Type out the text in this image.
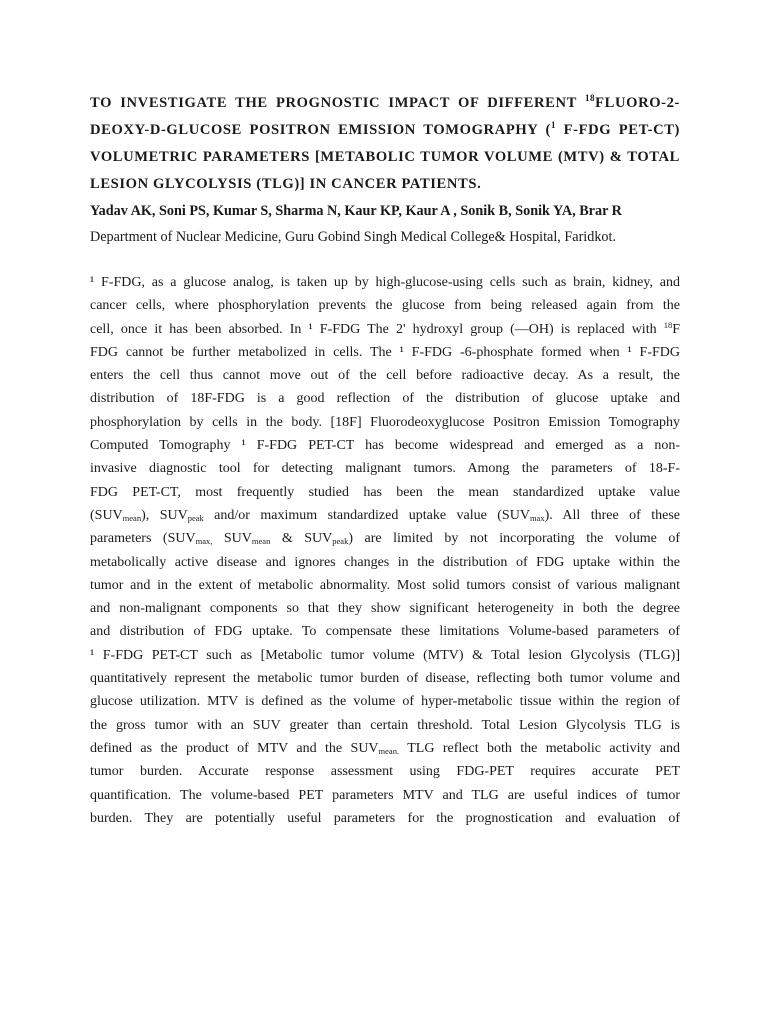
TO INVESTIGATE THE PROGNOSTIC IMPACT OF DIFFERENT $^{18}$FLUORO-2-
DEOXY-D-GLUCOSE POSITRON EMISSION TOMOGRAPHY ($^1$ F-FDG PET-CT)
VOLUMETRIC PARAMETERS [METABOLIC TUMOR VOLUME (MTV) & TOTAL
LESION GLYCOLYSIS (TLG)] IN CANCER PATIENTS.

Yadav AK, Soni PS, Kumar S, Sharma N, Kaur KP, Kaur A , Sonik B, Sonik YA, Brar R

Department of Nuclear Medicine, Guru Gobind Singh Medical College& Hospital, Faridkot.

¹ F-FDG, as a glucose analog, is taken up by high-glucose-using cells such as brain, kidney, and
cancer cells, where phosphorylation prevents the glucose from being released again from the
cell, once it has been absorbed. In ¹ F-FDG The 2' hydroxyl group (—OH) is replaced with $^{18}$F
FDG cannot be further metabolized in cells. The ¹ F-FDG -6-phosphate formed when ¹ F-FDG
enters the cell thus cannot move out of the cell before radioactive decay. As a result, the
distribution of 18F-FDG is a good reflection of the distribution of glucose uptake and
phosphorylation by cells in the body. [18F] Fluorodeoxyglucose Positron Emission Tomography
Computed Tomography ¹ F-FDG PET-CT has become widespread and emerged as a non-
invasive diagnostic tool for detecting malignant tumors. Among the parameters of 18-F-
FDG PET-CT, most frequently studied has been the mean standardized uptake value
$(SUV_{mean})$, $SUV_{peak}$ and/or maximum standardized uptake value $(SUV_{max})$. All three of these
parameters ($SUV_{max,}$ $SUV_{mean}$ & $SUV_{peak}$) are limited by not incorporating the volume of
metabolically active disease and ignores changes in the distribution of FDG uptake within the
tumor and in the extent of metabolic abnormality. Most solid tumors consist of various malignant
and non-malignant components so that they show significant heterogeneity in both the degree
and distribution of FDG uptake. To compensate these limitations Volume-based parameters of
¹ F-FDG PET-CT such as [Metabolic tumor volume (MTV) & Total lesion Glycolysis (TLG)]
quantitatively represent the metabolic tumor burden of disease, reflecting both tumor volume and
glucose utilization. MTV is defined as the volume of hyper-metabolic tissue within the region of
the gross tumor with an SUV greater than certain threshold. Total Lesion Glycolysis TLG is
defined as the product of MTV and the $SUV_{mean.}$ TLG reflect both the metabolic activity and
tumor burden. Accurate response assessment using FDG-PET requires accurate PET
quantification. The volume-based PET parameters MTV and TLG are useful indices of tumor
burden. They are potentially useful parameters for the prognostication and evaluation of
